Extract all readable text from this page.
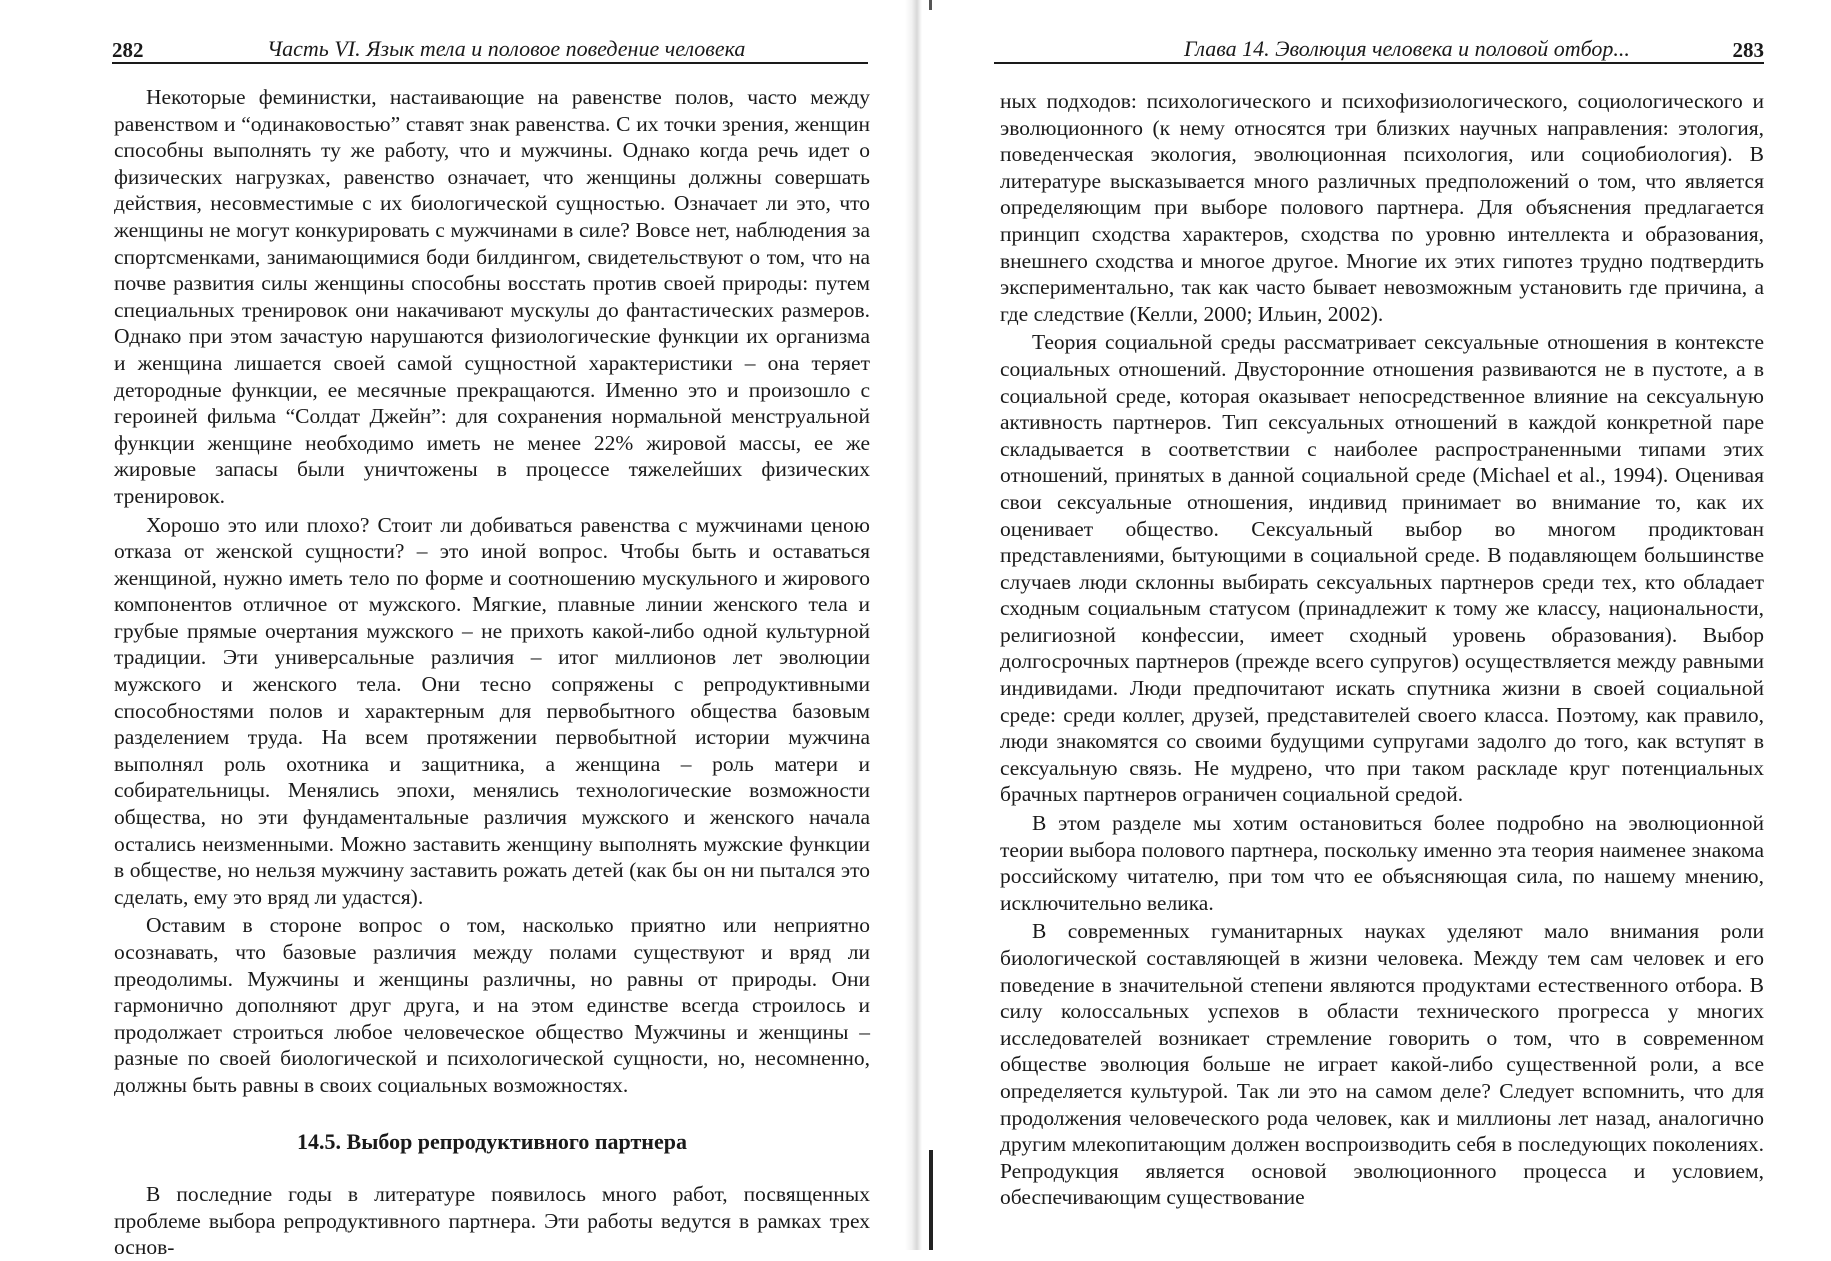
282	Часть VI. Язык тела и половое поведение человека

Некоторые феминистки, настаивающие на равенстве полов, часто между равенством и “одинаковостью” ставят знак равенства. С их точки зрения, женщин способны выполнять ту же работу, что и мужчины. Однако когда речь идет о физических нагрузках, равенство означает, что женщины должны совершать действия, несовместимые с их биологической сущностью. Означает ли это, что женщины не могут конкурировать с мужчинами в силе? Вовсе нет, наблюдения за спортсменками, занимающимися боди билдингом, свидетельствуют о том, что на почве развития силы женщины способны восстать против своей природы: путем специальных тренировок они накачивают мускулы до фантастических размеров. Однако при этом зачастую нарушаются физиологические функции их организма и женщина лишается своей самой сущностной характеристики – она теряет детородные функции, ее месячные прекращаются. Именно это и произошло с героиней фильма “Солдат Джейн”: для сохранения нормальной менструальной функции женщине необходимо иметь не менее 22% жировой массы, ее же жировые запасы были уничтожены в процессе тяжелейших физических тренировок.

Хорошо это или плохо? Стоит ли добиваться равенства с мужчинами ценою отказа от женской сущности? – это иной вопрос. Чтобы быть и оставаться женщиной, нужно иметь тело по форме и соотношению мускульного и жирового компонентов отличное от мужского. Мягкие, плавные линии женского тела и грубые прямые очертания мужского – не прихоть какой-либо одной культурной традиции. Эти универсальные различия – итог миллионов лет эволюции мужского и женского тела. Они тесно сопряжены с репродуктивными способностями полов и характерным для первобытного общества базовым разделением труда. На всем протяжении первобытной истории мужчина выполнял роль охотника и защитника, а женщина – роль матери и собирательницы. Менялись эпохи, менялись технологические возможности общества, но эти фундаментальные различия мужского и женского начала остались неизменными. Можно заставить женщину выполнять мужские функции в обществе, но нельзя мужчину заставить рожать детей (как бы он ни пытался это сделать, ему это вряд ли удастся).

Оставим в стороне вопрос о том, насколько приятно или неприятно осознавать, что базовые различия между полами существуют и вряд ли преодолимы. Мужчины и женщины различны, но равны от природы. Они гармонично дополняют друг друга, и на этом единстве всегда строилось и продолжает строиться любое человеческое общество Мужчины и женщины – разные по своей биологической и психологической сущности, но, несомненно, должны быть равны в своих социальных возможностях.

14.5. Выбор репродуктивного партнера

В последние годы в литературе появилось много работ, посвященных проблеме выбора репродуктивного партнера. Эти работы ведутся в рамках трех основ-

Глава 14. Эволюция человека и половой отбор...	283

ных подходов: психологического и психофизиологического, социологического и эволюционного (к нему относятся три близких научных направления: этология, поведенческая экология, эволюционная психология, или социобиология). В литературе высказывается много различных предположений о том, что является определяющим при выборе полового партнера. Для объяснения предлагается принцип сходства характеров, сходства по уровню интеллекта и образования, внешнего сходства и многое другое. Многие их этих гипотез трудно подтвердить экспериментально, так как часто бывает невозможным установить где причина, а где следствие (Келли, 2000; Ильин, 2002).

Теория социальной среды рассматривает сексуальные отношения в контексте социальных отношений. Двусторонние отношения развиваются не в пустоте, а в социальной среде, которая оказывает непосредственное влияние на сексуальную активность партнеров. Тип сексуальных отношений в каждой конкретной паре складывается в соответствии с наиболее распространенными типами этих отношений, принятых в данной социальной среде (Michael et al., 1994). Оценивая свои сексуальные отношения, индивид принимает во внимание то, как их оценивает общество. Сексуальный выбор во многом продиктован представлениями, бытующими в социальной среде. В подавляющем большинстве случаев люди склонны выбирать сексуальных партнеров среди тех, кто обладает сходным социальным статусом (принадлежит к тому же классу, национальности, религиозной конфессии, имеет сходный уровень образования). Выбор долгосрочных партнеров (прежде всего супругов) осуществляется между равными индивидами. Люди предпочитают искать спутника жизни в своей социальной среде: среди коллег, друзей, представителей своего класса. Поэтому, как правило, люди знакомятся со своими будущими супругами задолго до того, как вступят в сексуальную связь. Не мудрено, что при таком раскладе круг потенциальных брачных партнеров ограничен социальной средой.

В этом разделе мы хотим остановиться более подробно на эволюционной теории выбора полового партнера, поскольку именно эта теория наименее знакома российскому читателю, при том что ее объясняющая сила, по нашему мнению, исключительно велика.

В современных гуманитарных науках уделяют мало внимания роли биологической составляющей в жизни человека. Между тем сам человек и его поведение в значительной степени являются продуктами естественного отбора. В силу колоссальных успехов в области технического прогресса у многих исследователей возникает стремление говорить о том, что в современном обществе эволюция больше не играет какой-либо существенной роли, а все определяется культурой. Так ли это на самом деле? Следует вспомнить, что для продолжения человеческого рода человек, как и миллионы лет назад, аналогично другим млекопитающим должен воспроизводить себя в последующих поколениях. Репродукция является основой эволюционного процесса и условием, обеспечивающим существование
